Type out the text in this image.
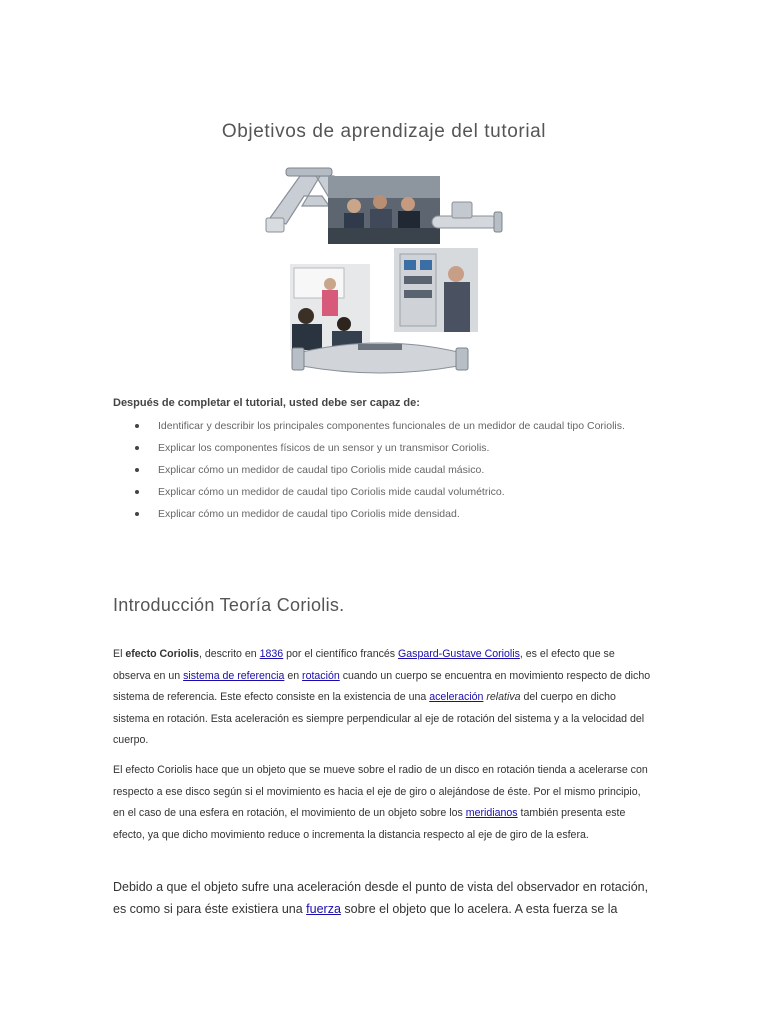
Objetivos de aprendizaje del tutorial
Después de completar el tutorial, usted debe ser capaz de:
Identificar y describir los principales componentes funcionales de un medidor de caudal tipo Coriolis.
Explicar los componentes físicos de un sensor y un transmisor Coriolis.
Explicar cómo un medidor de caudal tipo Coriolis mide caudal másico.
Explicar cómo un medidor de caudal tipo Coriolis mide caudal volumétrico.
Explicar cómo un medidor de caudal tipo Coriolis mide densidad.
Introducción Teoría Coriolis.

El efecto Coriolis, descrito en 1836 por el científico francés Gaspard-Gustave Coriolis, es el efecto que se observa en un sistema de referencia en rotación cuando un cuerpo se encuentra en movimiento respecto de dicho sistema de referencia. Este efecto consiste en la existencia de una aceleración relativa del cuerpo en dicho sistema en rotación. Esta aceleración es siempre perpendicular al eje de rotación del sistema y a la velocidad del cuerpo.

El efecto Coriolis hace que un objeto que se mueve sobre el radio de un disco en rotación tienda a acelerarse con respecto a ese disco según si el movimiento es hacia el eje de giro o alejándose de éste. Por el mismo principio, en el caso de una esfera en rotación, el movimiento de un objeto sobre los meridianos también presenta este efecto, ya que dicho movimiento reduce o incrementa la distancia respecto al eje de giro de la esfera.

Debido a que el objeto sufre una aceleración desde el punto de vista del observador en rotación, es como si para éste existiera una fuerza sobre el objeto que lo acelera. A esta fuerza se la
